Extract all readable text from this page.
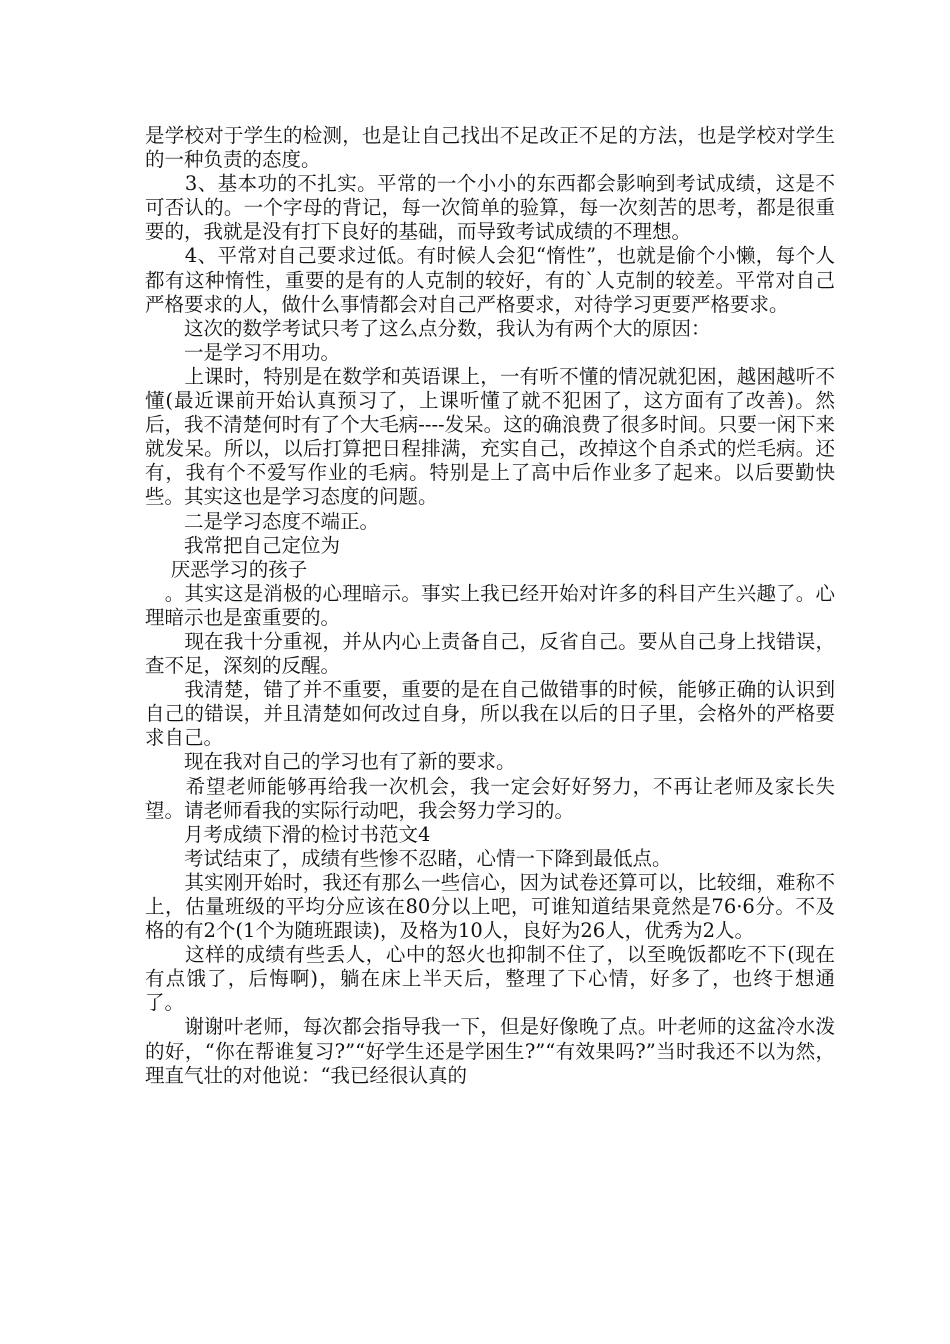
是学校对于学生的检测，也是让自己找出不足改正不足的方法，也是学校对学生的一种负责的态度。

　　3、基本功的不扎实。平常的一个小小的东西都会影响到考试成绩，这是不可否认的。一个字母的背记，每一次简单的验算，每一次刻苦的思考，都是很重要的，我就是没有打下良好的基础，而导致考试成绩的不理想。

　　4、平常对自己要求过低。有时候人会犯“惰性”，也就是偷个小懒，每个人都有这种惰性，重要的是有的人克制的较好，有的`人克制的较差。平常对自己严格要求的人，做什么事情都会对自己严格要求，对待学习更要严格要求。

　　这次的数学考试只考了这么点分数，我认为有两个大的原因：

　　一是学习不用功。

　　上课时，特别是在数学和英语课上，一有听不懂的情况就犯困，越困越听不懂(最近课前开始认真预习了，上课听懂了就不犯困了，这方面有了改善)。然后，我不清楚何时有了个大毛病----发呆。这的确浪费了很多时间。只要一闲下来就发呆。所以，以后打算把日程排满，充实自己，改掉这个自杀式的烂毛病。还有，我有个不爱写作业的毛病。特别是上了高中后作业多了起来。以后要勤快些。其实这也是学习态度的问题。

　　二是学习态度不端正。

　　我常把自己定位为

　 厌恶学习的孩子

　。其实这是消极的心理暗示。事实上我已经开始对许多的科目产生兴趣了。心理暗示也是蛮重要的。

　　现在我十分重视，并从内心上责备自己，反省自己。要从自己身上找错误，查不足，深刻的反醒。

　　我清楚，错了并不重要，重要的是在自己做错事的时候，能够正确的认识到自己的错误，并且清楚如何改过自身，所以我在以后的日子里，会格外的严格要求自己。

　　现在我对自己的学习也有了新的要求。

　　希望老师能够再给我一次机会，我一定会好好努力，不再让老师及家长失望。请老师看我的实际行动吧，我会努力学习的。

　　月考成绩下滑的检讨书范文4

　　考试结束了，成绩有些惨不忍睹，心情一下降到最低点。

　　其实刚开始时，我还有那么一些信心，因为试卷还算可以，比较细，难称不上，估量班级的平均分应该在80分以上吧，可谁知道结果竟然是76·6分。不及格的有2个(1个为随班跟读)，及格为10人，良好为26人，优秀为2人。

　　这样的成绩有些丢人，心中的怒火也抑制不住了，以至晚饭都吃不下(现在有点饿了，后悔啊)，躺在床上半天后，整理了下心情，好多了，也终于想通了。

　　谢谢叶老师，每次都会指导我一下，但是好像晚了点。叶老师的这盆冷水泼的好，“你在帮谁复习?”“好学生还是学困生?”“有效果吗?”当时我还不以为然，理直气壮的对他说：“我已经很认真的
